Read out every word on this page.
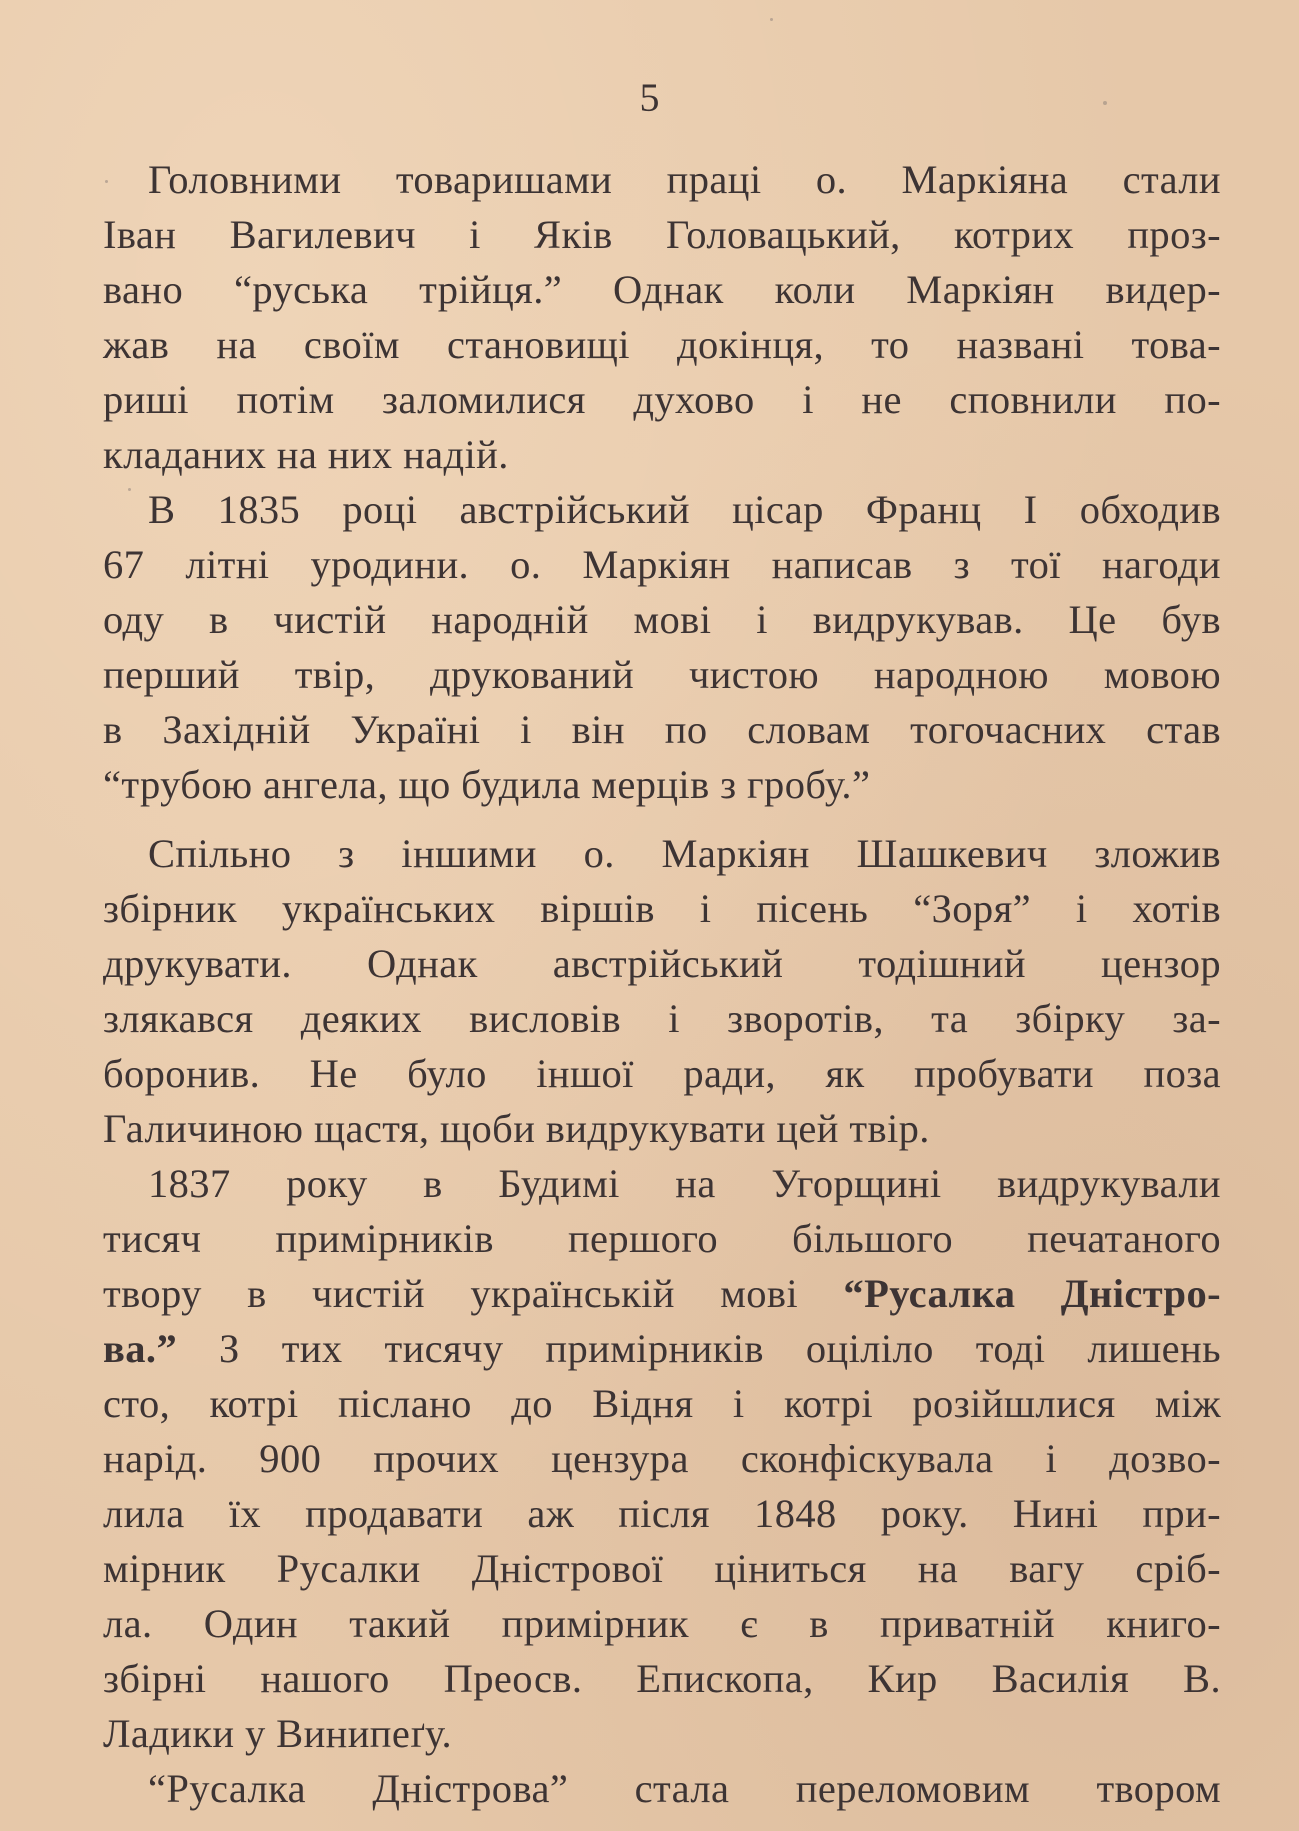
5
Головними товаришами праці о. Маркіяна стали
Іван Вагилевич і Яків Головацький, котрих проз-
вано “руська трійця.” Однак коли Маркіян видер-
жав на своїм становищі докінця, то названі това-
риші потім заломилися духово і не сповнили по-
кладаних на них надій.
В 1835 році австрійський цісар Франц І обходив
67 літні уродини. о. Маркіян написав з тої нагоди
оду в чистій народній мові і видрукував. Це був
перший твір, друкований чистою народною мовою
в Західній Україні і він по словам тогочасних став
“трубою ангела, що будила мерців з гробу.”
Спільно з іншими о. Маркіян Шашкевич зложив
збірник українських віршів і пісень “Зоря” і хотів
друкувати. Однак австрійський тодішний цензор
злякався деяких висловів і зворотів, та збірку за-
боронив. Не було іншої ради, як пробувати поза
Галичиною щастя, щоби видрукувати цей твір.
1837 року в Будимі на Угорщині видрукували
тисяч примірників першого більшого печатаного
твору в чистій українській мові “Русалка Дністро-
ва.” З тих тисячу примірників оціліло тоді лишень
сто, котрі післано до Відня і котрі розійшлися між
нарід. 900 прочих цензура сконфіскувала і дозво-
лила їх продавати аж після 1848 року. Нині при-
мірник Русалки Дністрової ціниться на вагу сріб-
ла. Один такий примірник є в приватній книго-
збірні нашого Преосв. Епископа, Кир Василія В.
Ладики у Винипеґу.
“Русалка Дністрова” стала переломовим твором
